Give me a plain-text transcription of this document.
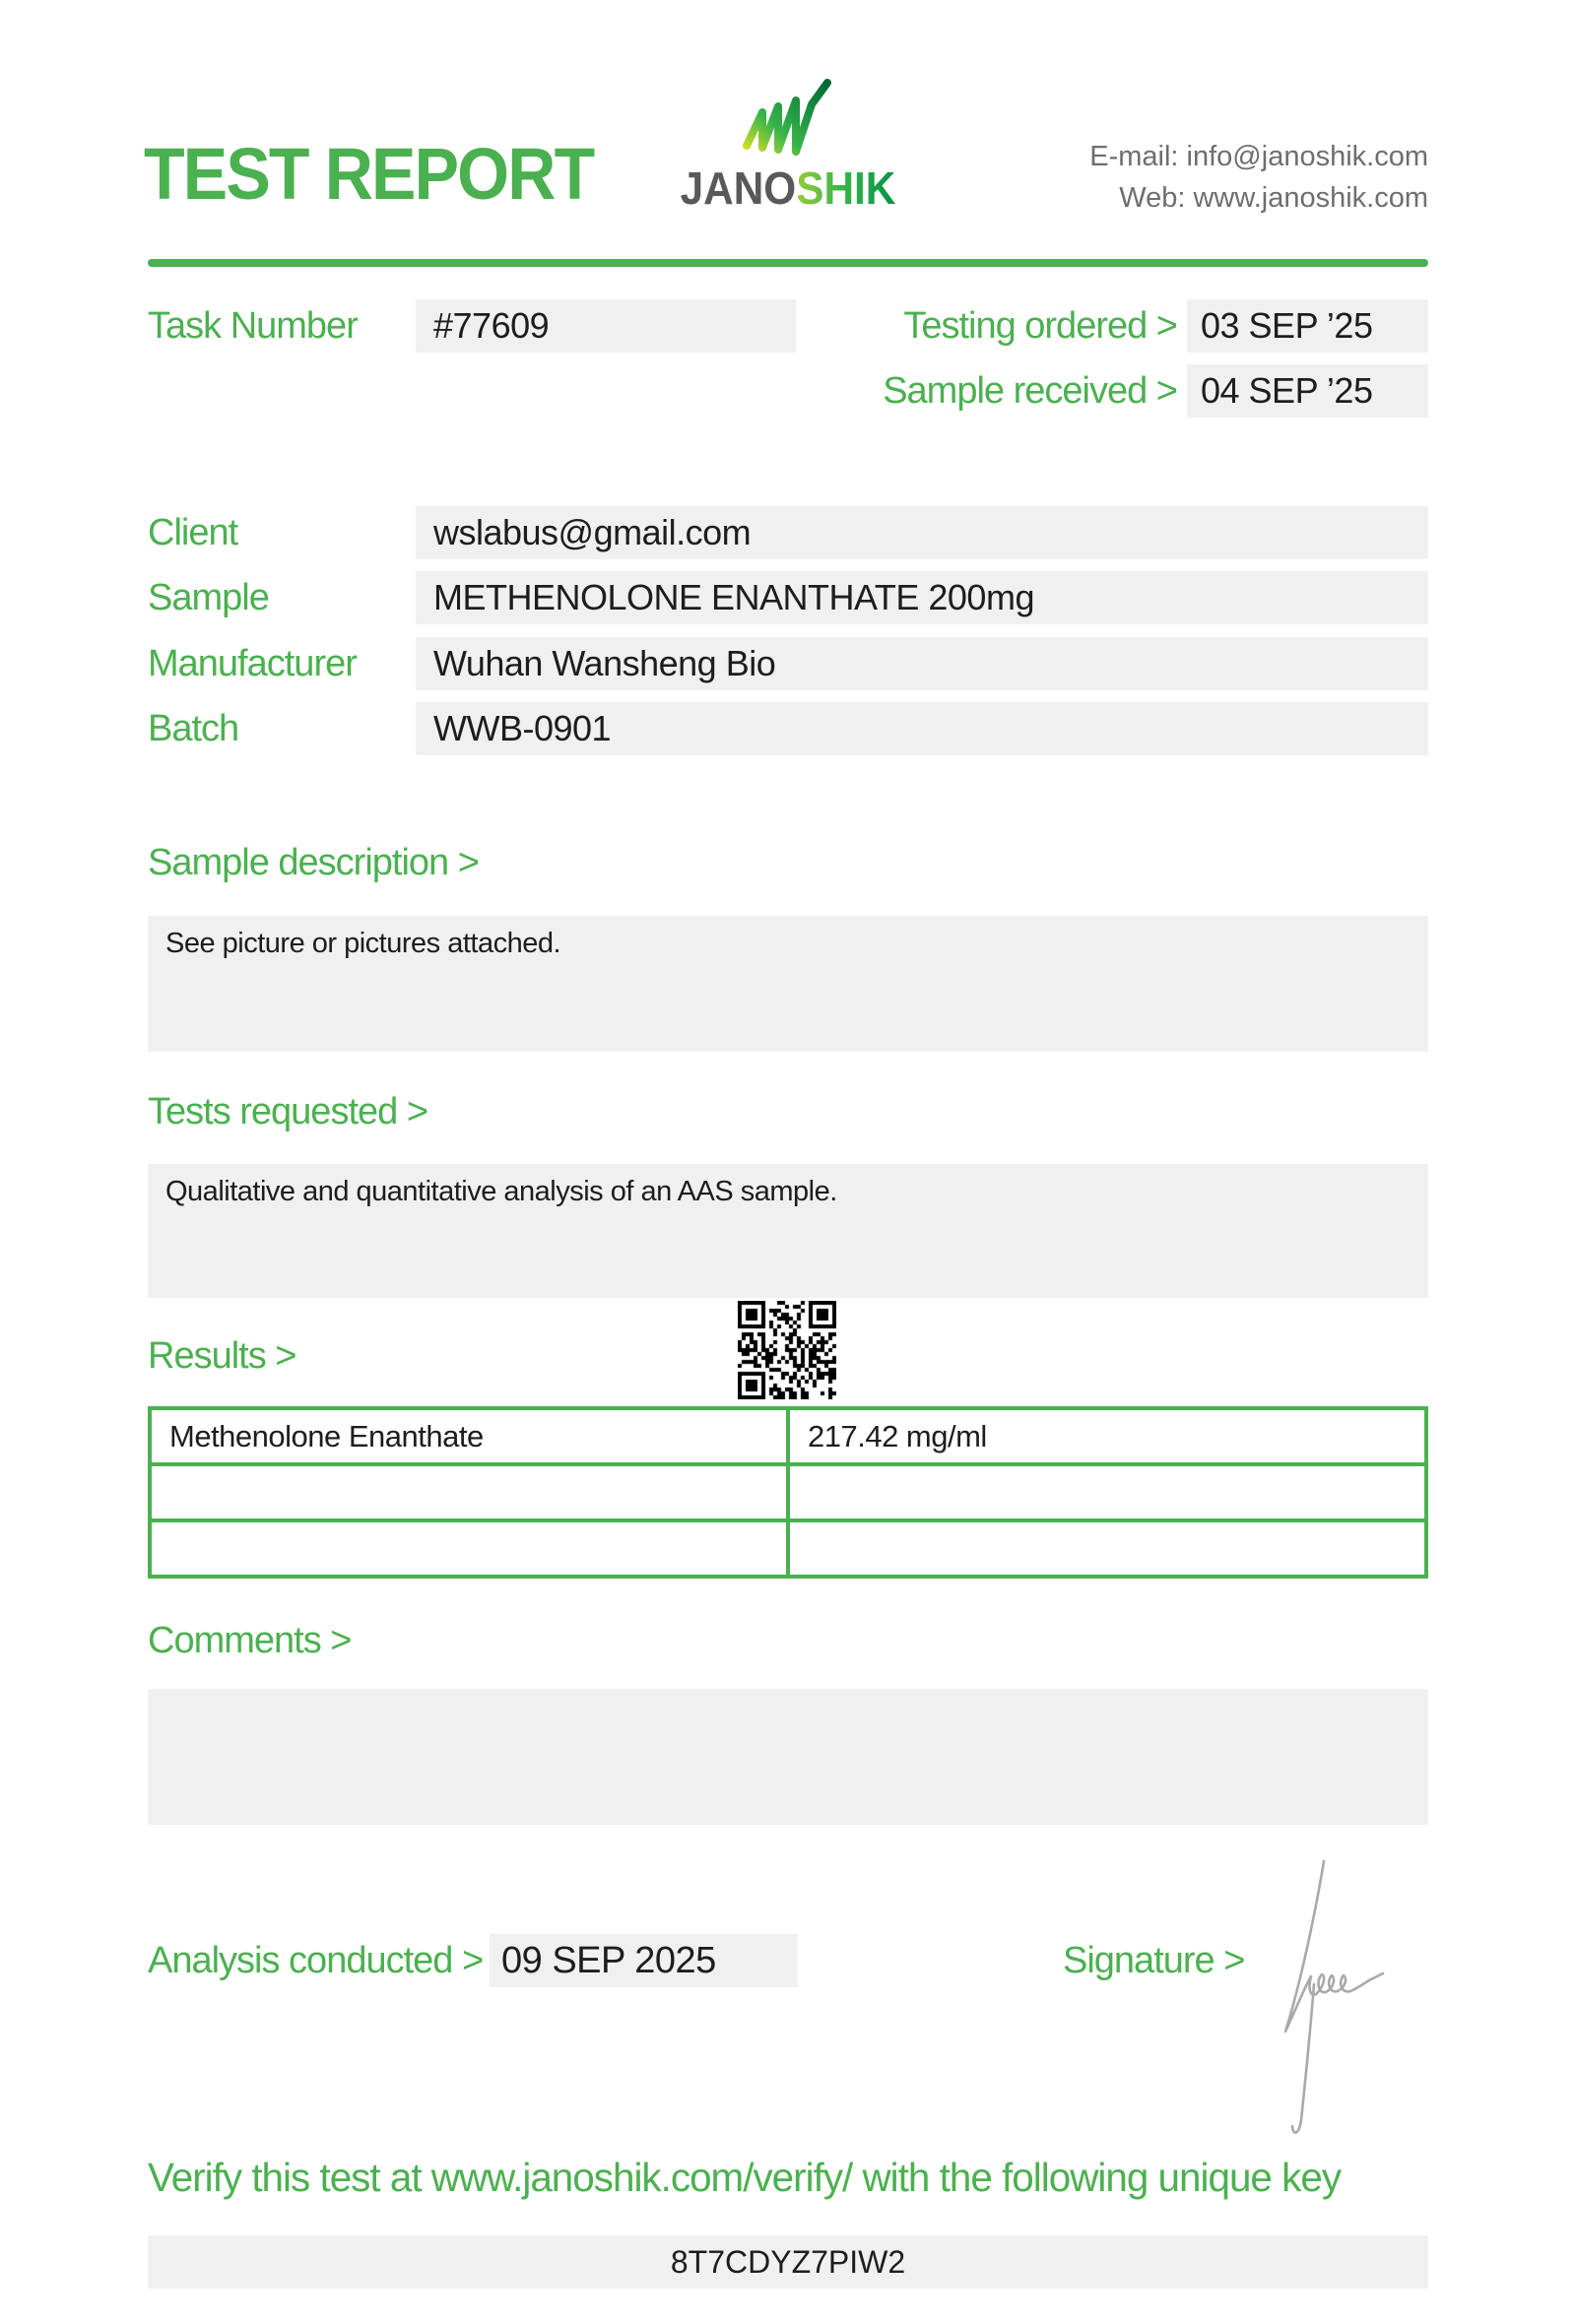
TEST REPORT	JANOSHIK
E-mail: info@janoshik.com
Web: www.janoshik.com
Task Number	#77609	Testing ordered > 03 SEP ’25
Sample received > 04 SEP ’25
Client	wslabus@gmail.com
Sample	METHENOLONE ENANTHATE 200mg
Manufacturer	Wuhan Wansheng Bio
Batch	WWB-0901
Sample description >
See picture or pictures attached.
Tests requested >
Qualitative and quantitative analysis of an AAS sample.
Results >
Methenolone Enanthate	217.42 mg/ml

Comments >
Analysis conducted > 09 SEP 2025	Signature >
Verify this test at www.janoshik.com/verify/ with the following unique key
8T7CDYZ7PIW2
